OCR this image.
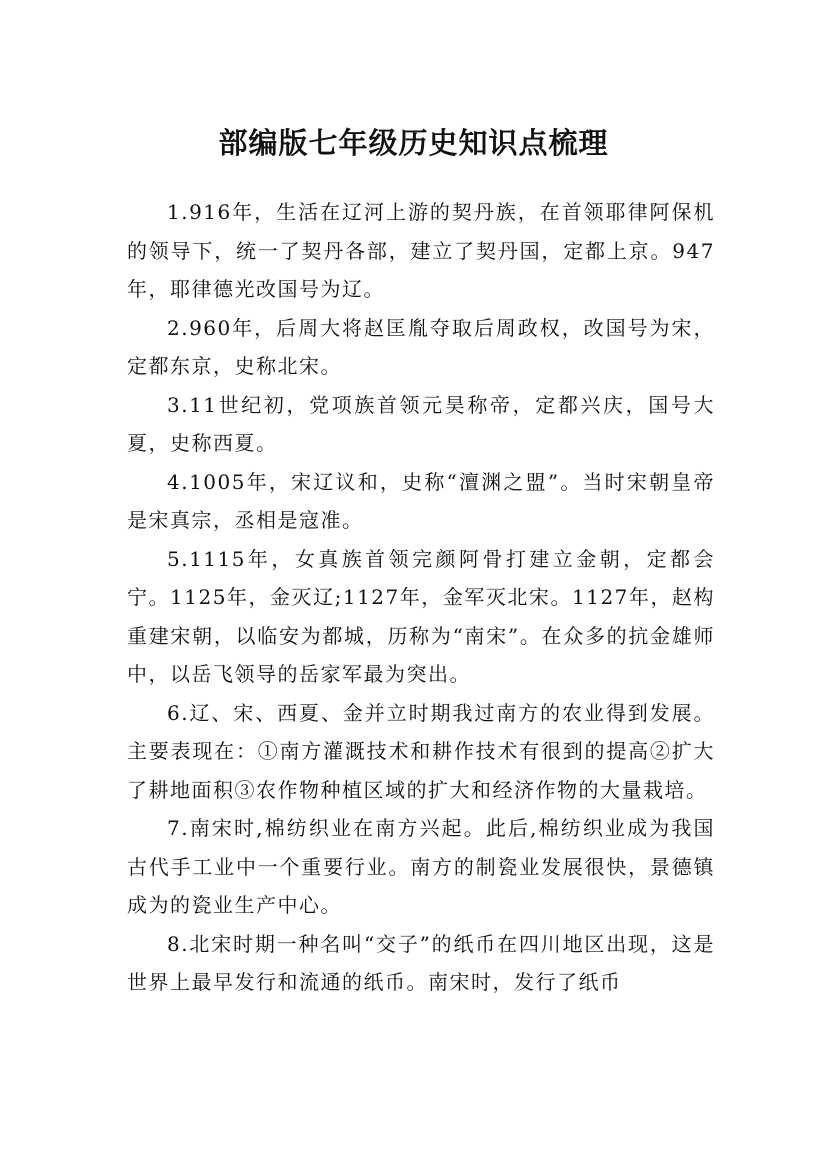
部编版七年级历史知识点梳理

1.916年，生活在辽河上游的契丹族，在首领耶律阿保机的领导下，统一了契丹各部，建立了契丹国，定都上京。947年，耶律德光改国号为辽。

2.960年，后周大将赵匡胤夺取后周政权，改国号为宋，定都东京，史称北宋。

3.11世纪初，党项族首领元昊称帝，定都兴庆，国号大夏，史称西夏。

4.1005年，宋辽议和，史称“澶渊之盟”。当时宋朝皇帝是宋真宗，丞相是寇准。

5.1115年，女真族首领完颜阿骨打建立金朝，定都会宁。1125年，金灭辽;1127年，金军灭北宋。1127年，赵构重建宋朝，以临安为都城，历称为“南宋”。在众多的抗金雄师中，以岳飞领导的岳家军最为突出。

6.辽、宋、西夏、金并立时期我过南方的农业得到发展。主要表现在：①南方灌溉技术和耕作技术有很到的提高②扩大了耕地面积③农作物种植区域的扩大和经济作物的大量栽培。

7.南宋时,棉纺织业在南方兴起。此后,棉纺织业成为我国古代手工业中一个重要行业。南方的制瓷业发展很快，景德镇成为的瓷业生产中心。

8.北宋时期一种名叫“交子”的纸币在四川地区出现，这是世界上最早发行和流通的纸币。南宋时，发行了纸币
